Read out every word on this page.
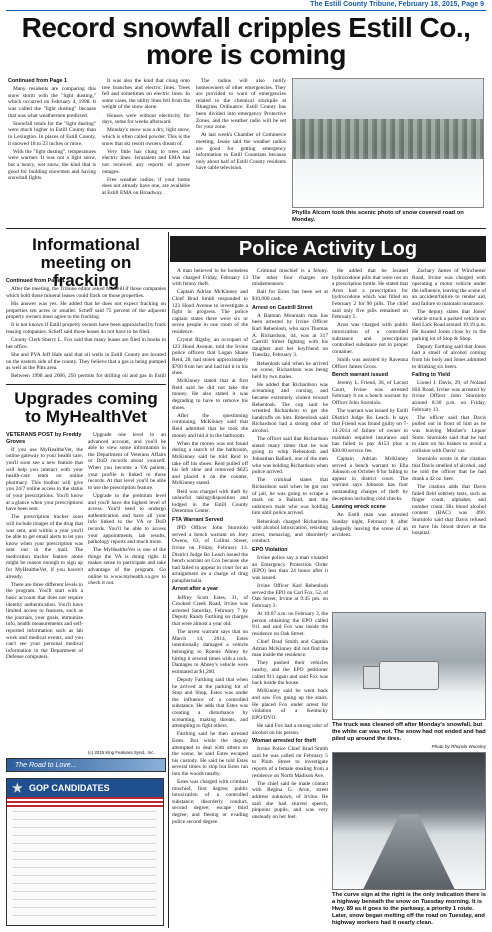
The Estill County Tribune, February 18, 2015, Page 9
Record snowfall cripples Estill Co., more is coming

Continued from Page 1

Many residents are comparing this snow storm with the "light dusting," which occurred on February 4, 1998. It was called the "light dusting" because that was what weathermen predicted.

Snowfall totals for the "light dusting" were much higher in Estill County than in Lexington. In places of Estill County, it snowed 18 to 23 inches or more.

With the "light dusting", temperatures were warmer. It was not a light snow, but a heavy, wet snow, the kind that is good for building snowmen and having snowball fights.

It was also the kind that clung onto tree branches and electric lines. Trees fell and sometimes on electric lines. In some cases, the utility lines fell from the weight of the snow alone.

Houses were without electricity for days, some for weeks afterward.

Monday's snow was a dry, light snow, which is often called powder. This is the snow that ski resort owners dream of.

Very little has clung to trees and electric lines. Jerusalem and EMA has not received any reports of power outages.

Free weather radios, if your home does not already have one, are available at Estill EMA on Broadway.

The radios will also notify homeowners of other emergencies. They are provided to warn of emergencies related to the chemical stockpile at Bluegrass Ordinance. Estill County has been divided into emergency Protective Zones, and the weather radio will be set for your zone.

At last week's Chamber of Commerce meeting, Jessie said the weather radios are good for getting emergency information to Estill Countians because only about half of Estill County residents have cable television.

Phyllis Alcorn took this scenic photo of snow covered road on Monday.
Informational meeting on fracking

Continued from Page 1

After the meeting, the Tribune editor asked McNeill if those companies which hold those mineral leases could frack on those properties.

His answer was yes. He added that he does not expect fracking on properties ten acres or smaller. Scheff said 75 percent of the adjacent property owners must agree to the fracking.

It is not known if Estill property owners have been approached by frack leasing companies. Scheff said those leases do not have to be filed.

County Clerk Sherry L. Fox said that many leases are filed in books in her office.

She and PVA Jeff Hale said that oil wells in Estill County are located on the eastern side of the county. They believe that a gas is being pumped as well as the Pitts area.

Between 1998 and 2006, 293 permits for drilling oil and gas in Estill

Upgrades coming to MyHealthVet

VETERANS POST by Freddy Groves

If you use MyHealtheVet, the online gateway to your health care, you'll soon see a new feature that will help you interact with your health-care team on online pharmacy. This toolbar will give you 24/7 online access to the status of your prescriptions. You'll know at a glance when your prescriptions have been sent.

The prescription tracker soon will include images of the drug that was sent, and within a year you'll be able to get email alerts to let you know when your prescription was sent out in the mail. The medication tracker feature alone might be reason enough to sign up for MyHealtheVet, if you haven't already.

There are three different levels to the program. You'll start with a basic account that does not require identity authentication. You'll have limited access to features, such as the journals, your goals, immunize info, health measurements and self-reported information such as lab work and medical events, and you can't see your personal medical information in the Department of Defense computers.

Upgrade one level to an advanced account, and you'll be able to view some information in the Department of Veterans Affairs or DoD records about yourself. When you become a VA patient, your profile is linked to those records. At that level you'll be able to use the prescription feature.

Upgrade to the premium level and you'll have the highest level of access. You'll need to undergo authentication and have all your info linked to the VA or DoD records. You'll be able to access your appointments, lab results, pathology reports and much more.

The MyHealtheVet is one of the things the VA is doing right. It makes sense to participate and take advantage of the program. Go online to www.myhealth.va.gov to check it out.

(c) 2015 King Features Synd., Inc.
The Road to Love...
★ GOP CANDIDATES
Police Activity Log

A man believed to be homeless was charged Friday, February 13 with felony theft.

Captain Adrian McKinney and Chief Brad Smith responded to 123 Hood Avenue to investigate a fight in progress. The police captain states there were six or seven people in one room of the residence.

Crystal Rigsby, an occupant of 123 Hood Avenue, told the Irvine police officers that Logan Shane Reid, 28, had stolen approximately $700 from her and had hid it in his shoe.

McKinney stated that at first Reid said he did not take the money. He also stated it was degrading to have to remove his shoes.

After the questioning continuing, McKinney said that Reid admitted that he took the money and hid it in the bathroom.

When the money was not found during a search of the bathroom, McKinney said he told Reid to take off his shoes. Reid pulled off his left shoe and removed $625 and placed it on the counter, McKinney stated.

Reid was charged with theft by unlawful taking/disposition and lodged in the Estill County Detention Center.

FTA Warrant Served

IPD Officer John Sturniolo served a bench warrant on Joey Owens, 63, of Collins Street, Irvine on Friday, February 13. District Judge Bo Leach issued the bench warrant on Cox because she had failed to appear in court for an arraignment on a charge of drug paraphernalia.

Arrest after a year

Jeffrey Scott Estes, 31, of Crooked Creek Road, Irvine was arrested Saturday, February 7 by Deputy Randy Farthing on charges that were almost a year old.

The arrest warrant says that on March 14, 2014, Estes intentionally damaged a vehicle belonging to Ronnie Abney by hitting it several times with a rock. Damages to Abney's vehicle were estimated at $1,200.

Deputy Farthing said that when he arrived at the parking lot of Stop and Shop, Estes was under the influence of a controlled substance. He adds that Estes was creating a disturbance by screaming, making threats, and attempting to fight others.

Farthing said he then arrested Estes. But while the deputy attempted to deal with others on the scene, he said Estes escaped his custody. He said he told Estes several times to stop but Estes ran into the woods nearby.

Estes was charged with criminal mischief, first degree; public intoxication of a controlled substance; disorderly conduct, second degree; escape third degree; and fleeing or evading police second degree.

Criminal mischief is a felony. The other four charges are misdemeanors.

Bail for Estes has been set at $10,000 cash.

Arrest on Castrill Street

A Batman Mountain man has been arrested by Irvine Officer Karl Rehenlosh, who says Thomas A. Richardson, 44, was at 317 Castrill Street fighting with his daughter and her boyfriend on Tuesday, February 3.

Rehenlosh said when he arrived on scene, Richardson was being held by two males.

He added that Richardson was screaming and cursing, and became extremely violent toward Rehenlosh. The cop said he wrestled Richardson to get the handcuffs on him. Rehenlosh said Richardson had a strong odor of alcohol.

The officer said that Richardson stated many times that he was going to whip Rehenlosh and Johnathan Ballard, one of the men who was holding Richardson when police arrived.

The criminal states that Richardson said when he got out of jail, he was going to scrape a mark on a Ballard, and the unknown male who was holding him until police arrived.

Rehenlosh charged Richardson with alcohol intoxication, resisting arrest, menacing, and disorderly conduct.

EPO Violation

Irvine police say a man violated an Emergency Protection Order (EPO) less than 24 hours after it was issued.

Irvine Officer Karl Rehenlosh served the EPO on Carl Fox, 52, of Oak Street, Irvine at 9:45 pm. on February 3.

At 10:07 a.m. on February 3, the person obtaining the EPO called 911 and said Fox was inside the residence on Oak Street.

Chief Brad Smith and Captain Adrian McKinney did not find the man inside the residence.

They pushed their vehicles nearby, and the EPO petitioner called 911 again and said Fox was back inside the house.

McKinney said he went back and saw Fox going up the stairs. He placed Fox under arrest for violation of a Kentucky EPO/DVO.

He said Fox had a strong odor of alcohol on his person.

Woman arrested for theft

Irvine Police Chief Brad Smith said he was called on February 5 to Plum Street to investigate reports of a female stealing from a residence on North Madison Ave.

The chief said he made contact with Regina G. Aron, street address unknown, of Irvine. He said she had slurred speech, pinpoint pupils, and was very unsteady on her feet.

He added that he located hydrocodone pills that were not on a prescription bottle. He stated that Aron had a prescription for hydrocodone which was filled on February 2 for 90 pills. The chief said only five pills remained on February 5.

Aron was charged with public intoxication of a controlled substance and prescription controlled substance not in proper container.

Smith was assisted by Ravenna Officer James Gross.

Bench warrant issued

Jeremy L. Friend, 36, of Locust Court, Irvine was arrested February 6 on a bench warrant by Officer John Sturniolo.

The warrant was issued by Estill District Judge Bo Leach. It says that Friend was found guilty on 7-14-2014 of failure of owner to maintain required insurance and has failed to pay $153 plus a $30.00 service fee.

Captain Adrian McKinney served a bench warrant to Ella Johnson on October 6 for failing to appear in district court. The warrant says Johnson has four outstanding charges of theft by deception including cold checks.

Leaving wreck scene

An Estill man was arrested Sunday night, February 8, after allegedly leaving the scene of an accident.

Zachary James of Winchester Road, Irvine was charged with operating a motor vehicle under the influence, leaving the scene of an accident/failure to render aid, and failure to maintain insurance.

The deputy states that Jones' vehicle struck a parked vehicle on Red Lick Road around 10:19 p.m. He located Jones close by in the parking lot of Stop & Shop.

Deputy Farthing said that Jones had a smell of alcohol coming from his body and Jones admitted to drinking six beers.

Failing to Yield

Lionel J. Davis, 29, of Noland Hill Road, Irvine was arrested by Irvine Officer John Sturniolo around 8:30 p.m. on Friday, February 13.

The officer said that Davis pulled out in front of him as he was leaving Mosher's Liquor Store. Sturniolo said that he had to slam on his brakes to avoid a collision with Davis' car.

Sturniolo wrote in the citation that Davis smelled of alcohol, and he told the officer that he had drank a 42 oz. beer.

The citation adds that Davis failed field sobriety tests, such as finger count, alphabet, and number count. His blood alcohol content (BAC) was .090. Sturniolo said that Davis refused to have his blood drawn at the hospital.

The truck was cleaned off after Monday's snowfall, but the white car was not. The snow had not ended and had piled up around the tires.
Photo by Rhonda Woosley
The curve sign at the right is the only indication there is a highway beneath the snow on Tuesday morning. It is Hwy. 89 as it goes to the parkway, a priority 1 route. Later, snow began melting off the road on Tuesday, and highway workers had it nearly clean.
